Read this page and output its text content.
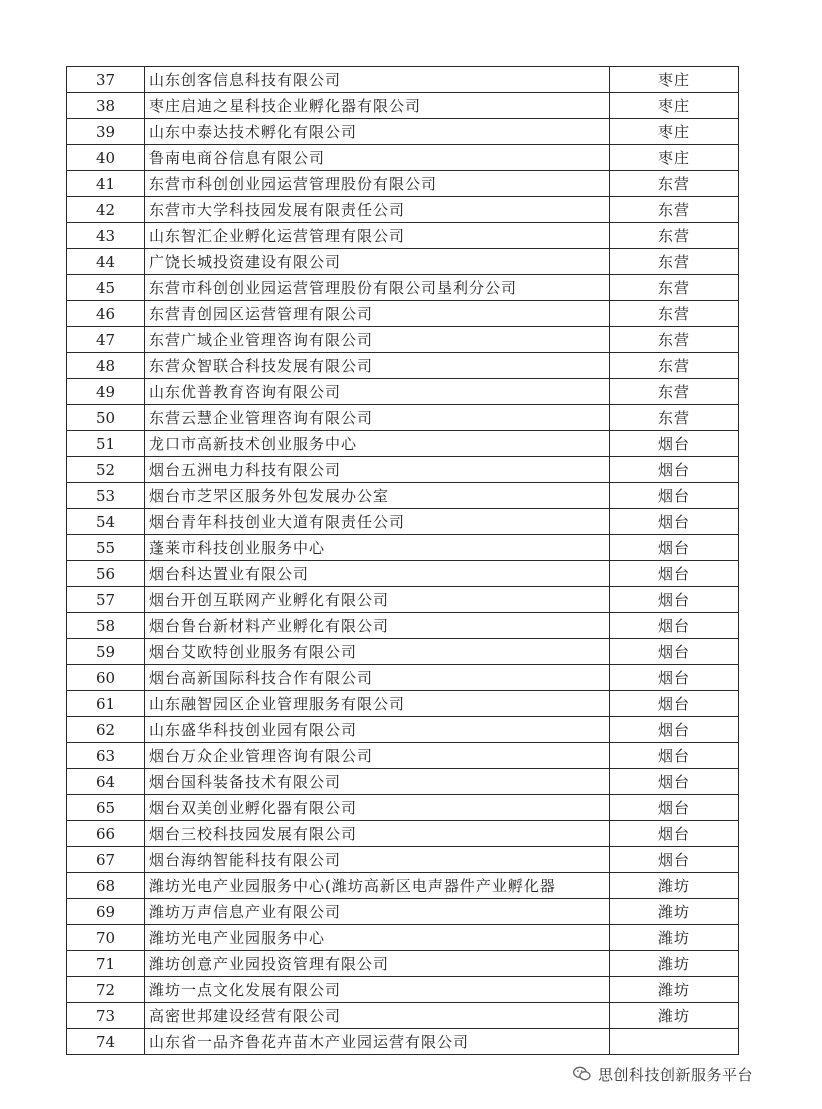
37	山东创客信息科技有限公司	枣庄
38	枣庄启迪之星科技企业孵化器有限公司	枣庄
39	山东中泰达技术孵化有限公司	枣庄
40	鲁南电商谷信息有限公司	枣庄
41	东营市科创创业园运营管理股份有限公司	东营
42	东营市大学科技园发展有限责任公司	东营
43	山东智汇企业孵化运营管理有限公司	东营
44	广饶长城投资建设有限公司	东营
45	东营市科创创业园运营管理股份有限公司垦利分公司	东营
46	东营青创园区运营管理有限公司	东营
47	东营广域企业管理咨询有限公司	东营
48	东营众智联合科技发展有限公司	东营
49	山东优普教育咨询有限公司	东营
50	东营云慧企业管理咨询有限公司	东营
51	龙口市高新技术创业服务中心	烟台
52	烟台五洲电力科技有限公司	烟台
53	烟台市芝罘区服务外包发展办公室	烟台
54	烟台青年科技创业大道有限责任公司	烟台
55	蓬莱市科技创业服务中心	烟台
56	烟台科达置业有限公司	烟台
57	烟台开创互联网产业孵化有限公司	烟台
58	烟台鲁台新材料产业孵化有限公司	烟台
59	烟台艾欧特创业服务有限公司	烟台
60	烟台高新国际科技合作有限公司	烟台
61	山东融智园区企业管理服务有限公司	烟台
62	山东盛华科技创业园有限公司	烟台
63	烟台万众企业管理咨询有限公司	烟台
64	烟台国科装备技术有限公司	烟台
65	烟台双美创业孵化器有限公司	烟台
66	烟台三校科技园发展有限公司	烟台
67	烟台海纳智能科技有限公司	烟台
68	潍坊光电产业园服务中心(潍坊高新区电声器件产业孵化器	潍坊
69	潍坊万声信息产业有限公司	潍坊
70	潍坊光电产业园服务中心	潍坊
71	潍坊创意产业园投资管理有限公司	潍坊
72	潍坊一点文化发展有限公司	潍坊
73	高密世邦建设经营有限公司	潍坊
74	山东省一品齐鲁花卉苗木产业园运营有限公司	
思创科技创新服务平台
